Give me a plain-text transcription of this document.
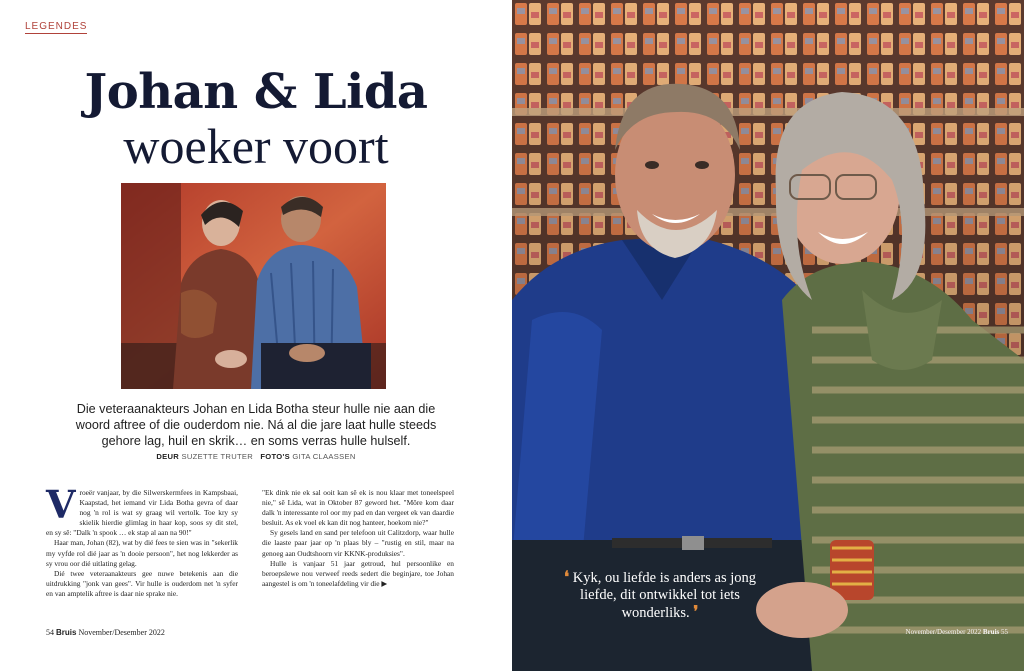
LEGENDES
Johan & Lida
woeker voort
Die veteraanakteurs Johan en Lida Botha steur hulle nie aan die woord aftree of die ouderdom nie. Ná al die jare laat hulle steeds gehore lag, huil en skrik… en soms verras hulle hulself.
DEUR SUZETTE TRUTER FOTO'S GITA CLAASSEN
V roeër vanjaar, by die Silwerskermfees in Kampsbaai, Kaapstad, het iemand vir Lida Botha gevra of daar nog 'n rol is wat sy graag wil vertolk. Toe kry sy skielik hierdie glimlag in haar kop, soos sy dit stel, en sy sê: "Dalk 'n spook … ek stap al aan na 90!"

Haar man, Johan (82), wat by dié fees te sien was in "sekerlik my vyfde rol dié jaar as 'n dooie persoon", het nog lekkerder as sy vrou oor dié uitlating gelag.

Dié twee veteraanakteurs gee nuwe betekenis aan die uitdrukking "jonk van gees". Vir hulle is ouderdom net 'n syfer en van amptelik aftree is daar nie sprake nie.

"Ek dink nie ek sal ooit kan sê ek is nou klaar met toneelspeel nie," sê Lida, wat in Oktober 87 geword het. "Môre kom daar dalk 'n interessante rol oor my pad en dan vergeet ek van daardie besluit. As ek voel ek kan dit nog hanteer, hoekom nie?"

Sy gesels land en sand per telefoon uit Calitzdorp, waar hulle die laaste paar jaar op 'n plaas bly – "rustig en stil, maar na genoeg aan Oudtshoorn vir KKNK-produksies".

Hulle is vanjaar 51 jaar getroud, hul persoonlike en beroepslewe nou verweef reeds sedert die beginjare, toe Johan aangestel is om 'n toneelafdeling vir die ▶

54 Bruis November/Desember 2022
❛ Kyk, ou liefde is anders as jong liefde, dit ontwikkel tot iets wonderliks. ❜
November/Desember 2022 Bruis 55
